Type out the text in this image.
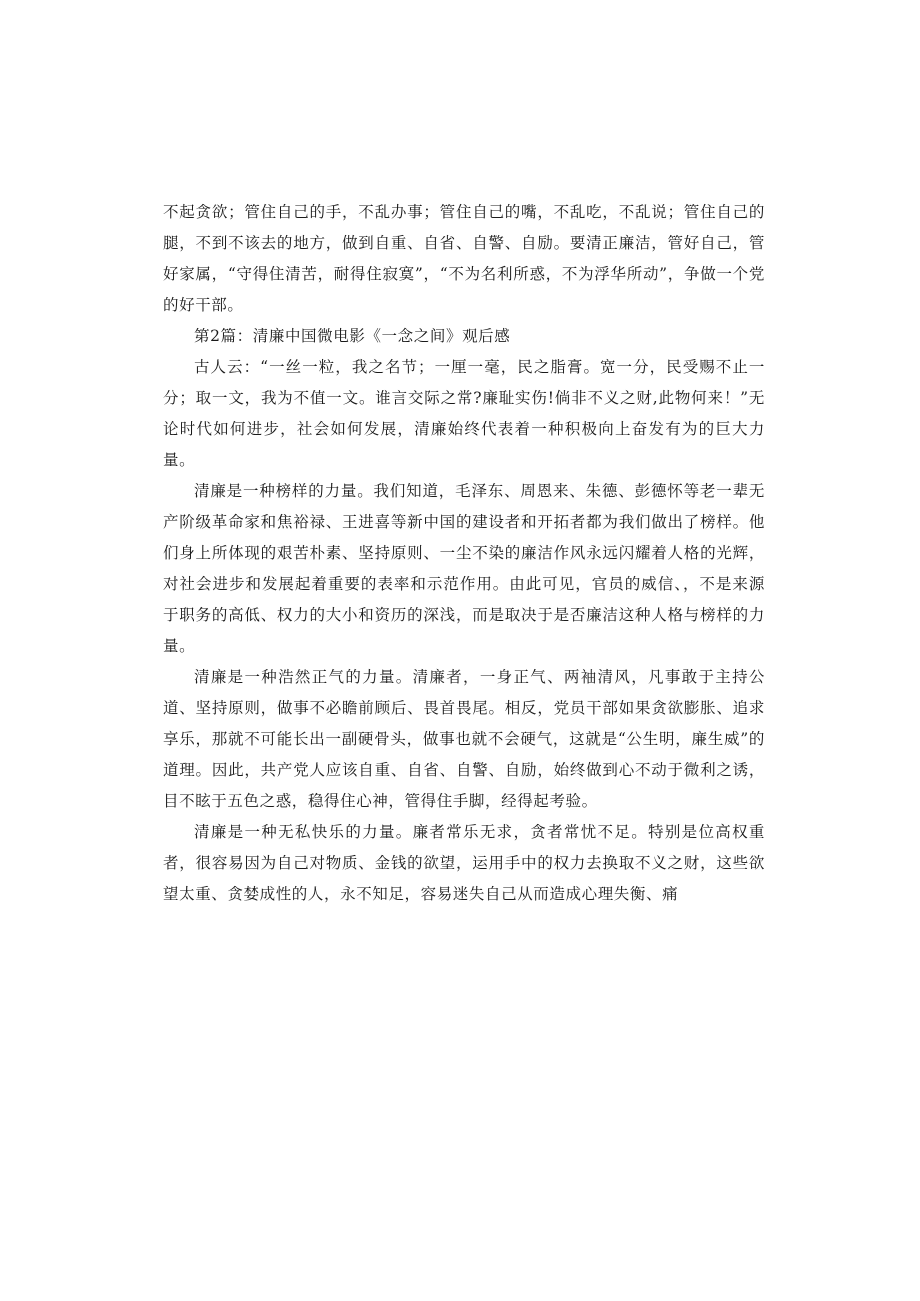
不起贪欲；管住自己的手，不乱办事；管住自己的嘴，不乱吃，不乱说；管住自己的腿，不到不该去的地方，做到自重、自省、自警、自励。要清正廉洁，管好自己，管好家属，“守得住清苦，耐得住寂寞”，“不为名利所惑，不为浮华所动”，争做一个党的好干部。

第2篇：清廉中国微电影《一念之间》观后感

古人云：“一丝一粒，我之名节；一厘一毫，民之脂膏。宽一分，民受赐不止一分；取一文，我为不值一文。谁言交际之常?廉耻实伤!倘非不义之财,此物何来！”无论时代如何进步，社会如何发展，清廉始终代表着一种积极向上奋发有为的巨大力量。

清廉是一种榜样的力量。我们知道，毛泽东、周恩来、朱德、彭德怀等老一辈无产阶级革命家和焦裕禄、王进喜等新中国的建设者和开拓者都为我们做出了榜样。他们身上所体现的艰苦朴素、坚持原则、一尘不染的廉洁作风永远闪耀着人格的光辉，对社会进步和发展起着重要的表率和示范作用。由此可见，官员的威信、，不是来源于职务的高低、权力的大小和资历的深浅，而是取决于是否廉洁这种人格与榜样的力量。

清廉是一种浩然正气的力量。清廉者，一身正气、两袖清风，凡事敢于主持公道、坚持原则，做事不必瞻前顾后、畏首畏尾。相反，党员干部如果贪欲膨胀、追求享乐，那就不可能长出一副硬骨头，做事也就不会硬气，这就是“公生明，廉生威”的道理。因此，共产党人应该自重、自省、自警、自励，始终做到心不动于微利之诱，目不眩于五色之惑，稳得住心神，管得住手脚，经得起考验。

清廉是一种无私快乐的力量。廉者常乐无求，贪者常忧不足。特别是位高权重者，很容易因为自己对物质、金钱的欲望，运用手中的权力去换取不义之财，这些欲望太重、贪婪成性的人，永不知足，容易迷失自己从而造成心理失衡、痛
